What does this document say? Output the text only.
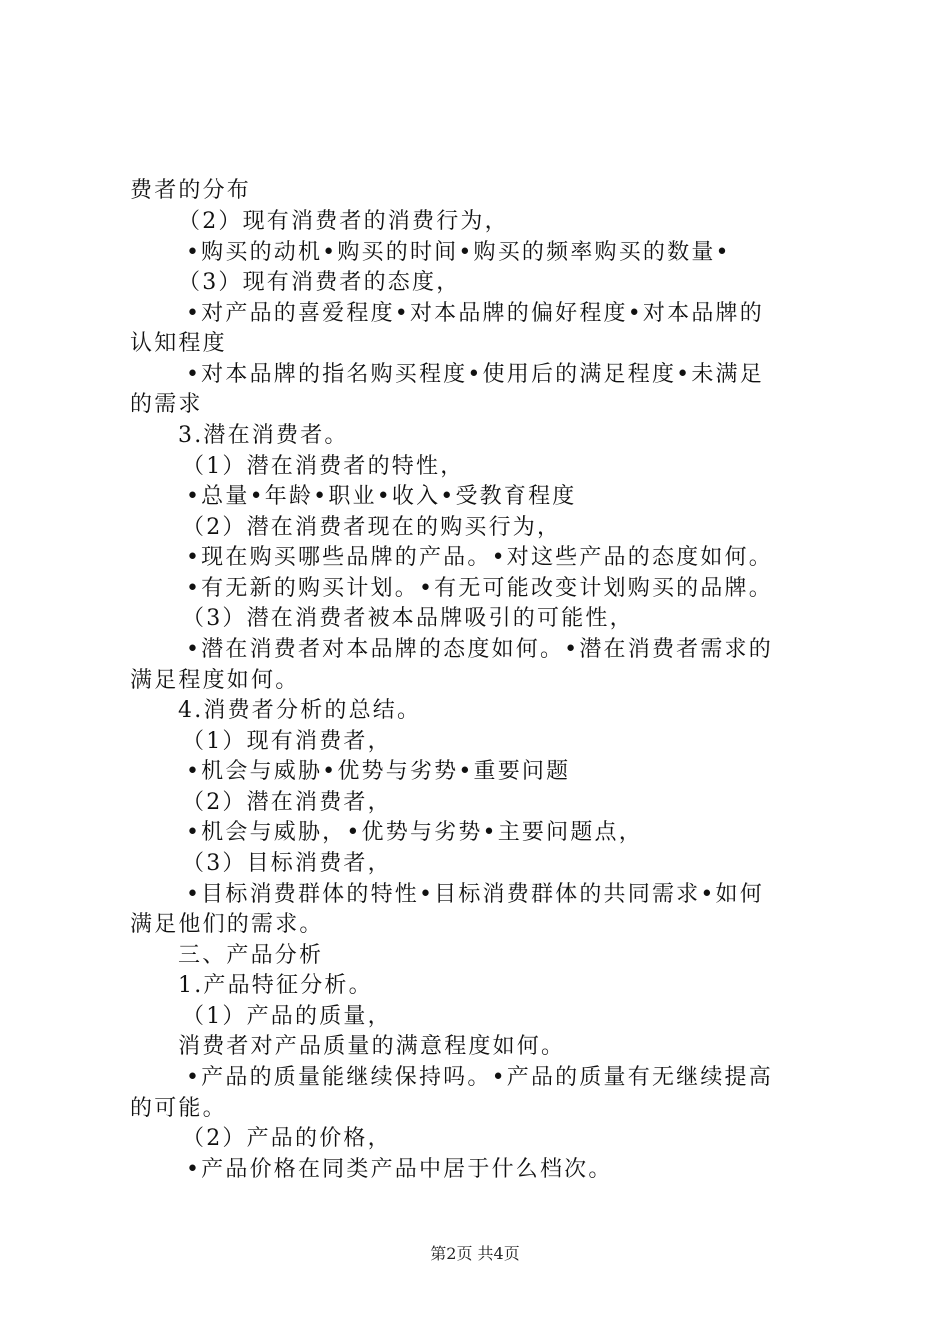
费者的分布
（2）现有消费者的消费行为，
•购买的动机•购买的时间•购买的频率购买的数量•
（3）现有消费者的态度，
•对产品的喜爱程度•对本品牌的偏好程度•对本品牌的
认知程度
•对本品牌的指名购买程度•使用后的满足程度•未满足
的需求
3.潜在消费者。
（1）潜在消费者的特性，
•总量•年龄•职业•收入•受教育程度
（2）潜在消费者现在的购买行为，
•现在购买哪些品牌的产品。•对这些产品的态度如何。
•有无新的购买计划。•有无可能改变计划购买的品牌。
（3）潜在消费者被本品牌吸引的可能性，
•潜在消费者对本品牌的态度如何。•潜在消费者需求的
满足程度如何。
4.消费者分析的总结。
（1）现有消费者，
•机会与威胁•优势与劣势•重要问题
（2）潜在消费者，
•机会与威胁，•优势与劣势•主要问题点，
（3）目标消费者，
•目标消费群体的特性•目标消费群体的共同需求•如何
满足他们的需求。
三、产品分析
1.产品特征分析。
（1）产品的质量，
消费者对产品质量的满意程度如何。
•产品的质量能继续保持吗。•产品的质量有无继续提高
的可能。
（2）产品的价格，
•产品价格在同类产品中居于什么档次。
第2页 共4页
